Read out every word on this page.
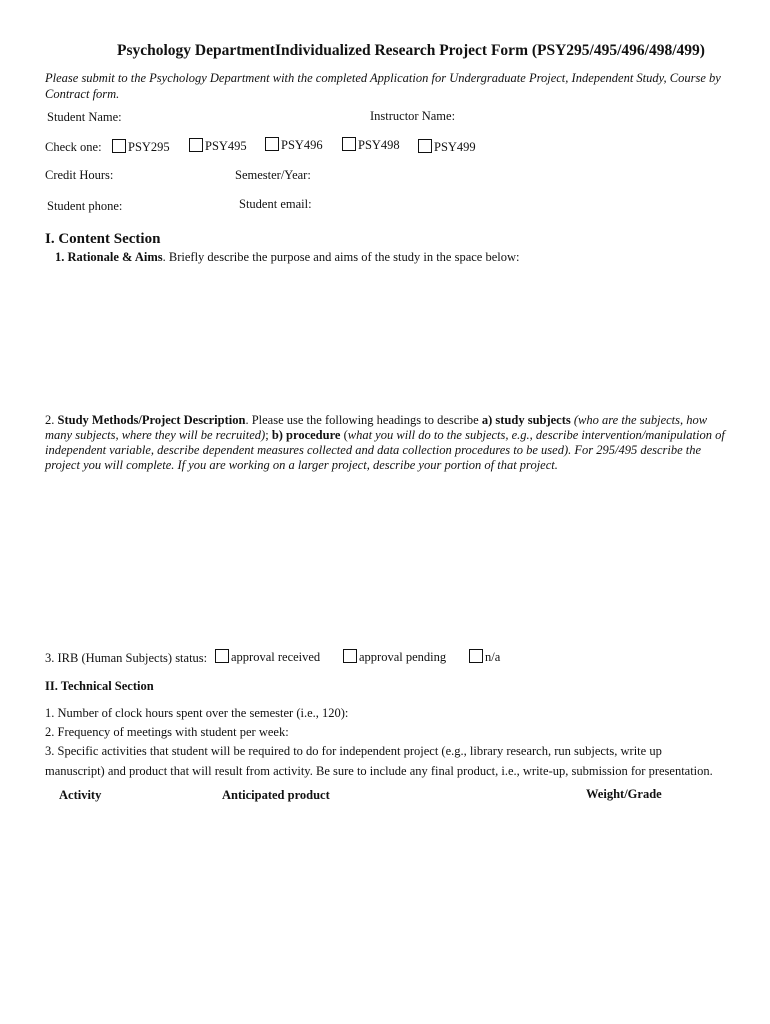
Psychology DepartmentIndividualized Research Project Form (PSY295/495/496/498/499)
Please submit to the Psychology Department with the completed Application for Undergraduate Project, Independent Study, Course by Contract form.
Student Name:	Instructor Name:
Check one:	PSY295	PSY495	PSY496	PSY498	PSY499
Credit Hours:	Semester/Year:
Student phone:	Student email:
I. Content Section
1. Rationale & Aims. Briefly describe the purpose and aims of the study in the space below:
2. Study Methods/Project Description. Please use the following headings to describe a) study subjects (who are the subjects, how many subjects, where they will be recruited); b) procedure (what you will do to the subjects, e.g., describe intervention/manipulation of independent variable, describe dependent measures collected and data collection procedures to be used). For 295/495 describe the project you will complete. If you are working on a larger project, describe your portion of that project.
3. IRB (Human Subjects) status:	approval received	approval pending	n/a
II. Technical Section
1. Number of clock hours spent over the semester (i.e., 120):
2. Frequency of meetings with student per week:
3. Specific activities that student will be required to do for independent project (e.g., library research, run subjects, write up
manuscript) and product that will result from activity. Be sure to include any final product, i.e., write-up, submission for presentation.
Activity	Anticipated product	Weight/Grade
